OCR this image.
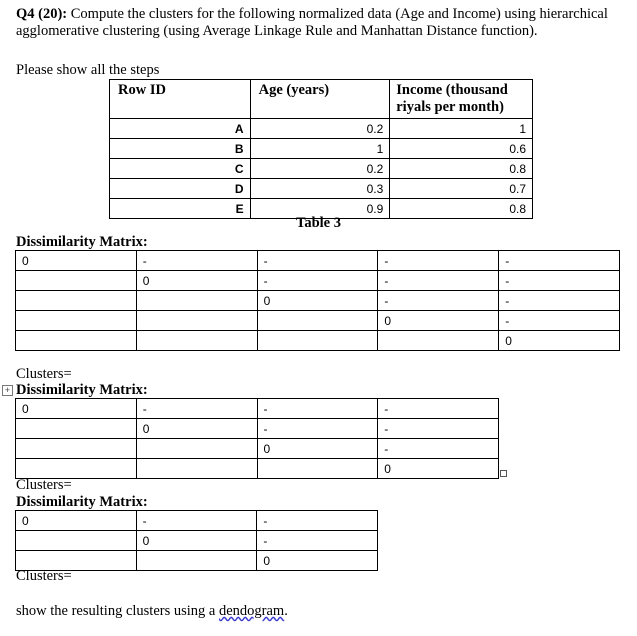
Q4 (20): Compute the clusters for the following normalized data (Age and Income) using hierarchical agglomerative clustering (using Average Linkage Rule and Manhattan Distance function).
Please show all the steps
Row ID	Age (years)	Income (thousand riyals per month)
A	0.2	1
B	1	0.6
C	0.2	0.8
D	0.3	0.7
E	0.9	0.8
Table 3
Dissimilarity Matrix:
0	-	-	-	-
	0	-	-	-
		0	-	-
			0	-
				0
Clusters=
+ Dissimilarity Matrix:
0	-	-	-
	0	-	-
		0	-
			0
Clusters=
Dissimilarity Matrix:
0	-	-
	0	-
		0
Clusters=
show the resulting clusters using a dendogram.
